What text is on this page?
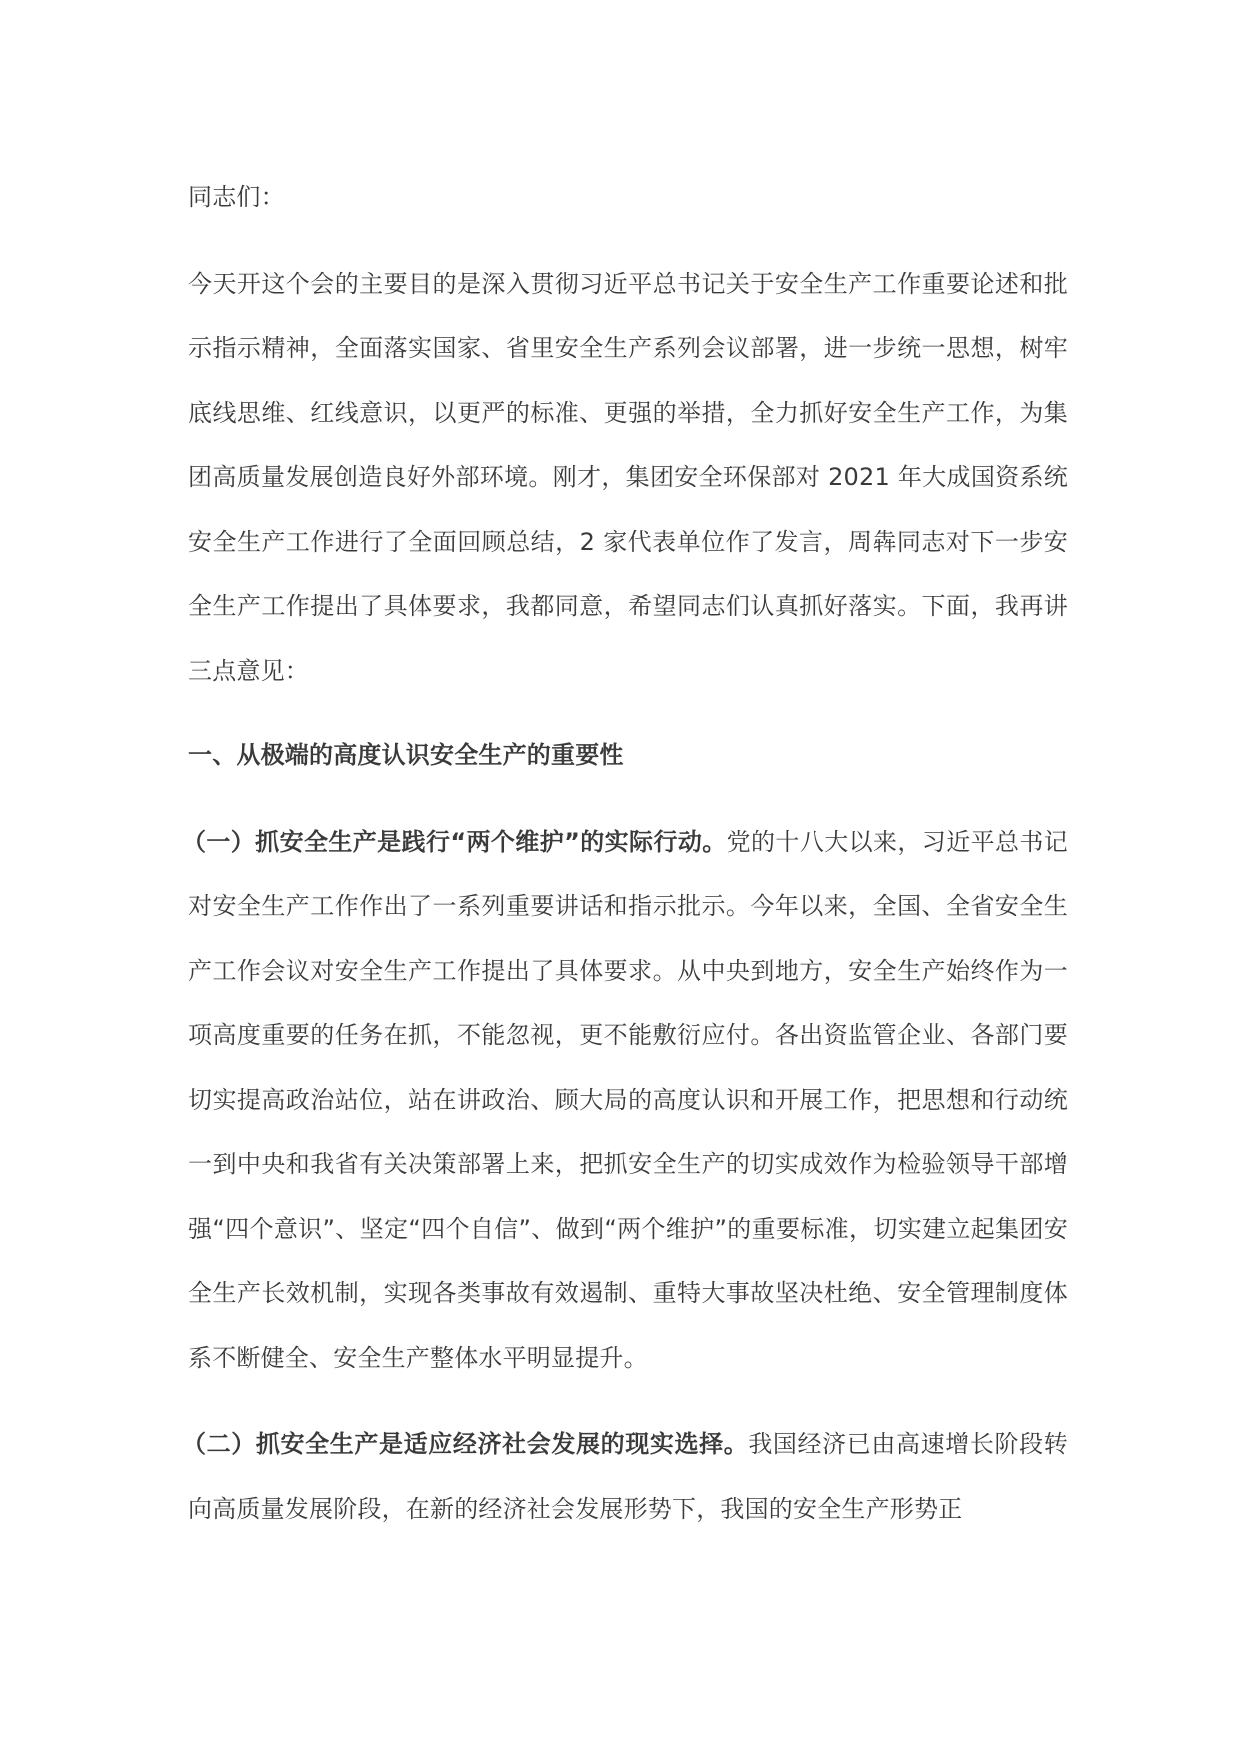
同志们：

今天开这个会的主要目的是深入贯彻习近平总书记关于安全生产工作重要论述和批示指示精神，全面落实国家、省里安全生产系列会议部署，进一步统一思想，树牢底线思维、红线意识，以更严的标准、更强的举措，全力抓好安全生产工作，为集团高质量发展创造良好外部环境。刚才，集团安全环保部对 2021 年大成国资系统安全生产工作进行了全面回顾总结，2 家代表单位作了发言，周犇同志对下一步安全生产工作提出了具体要求，我都同意，希望同志们认真抓好落实。下面，我再讲三点意见：

一、从极端的高度认识安全生产的重要性

（一）抓安全生产是践行“两个维护”的实际行动。党的十八大以来，习近平总书记对安全生产工作作出了一系列重要讲话和指示批示。今年以来，全国、全省安全生产工作会议对安全生产工作提出了具体要求。从中央到地方，安全生产始终作为一项高度重要的任务在抓，不能忽视，更不能敷衍应付。各出资监管企业、各部门要切实提高政治站位，站在讲政治、顾大局的高度认识和开展工作，把思想和行动统一到中央和我省有关决策部署上来，把抓安全生产的切实成效作为检验领导干部增强“四个意识”、坚定“四个自信”、做到“两个维护”的重要标准，切实建立起集团安全生产长效机制，实现各类事故有效遏制、重特大事故坚决杜绝、安全管理制度体系不断健全、安全生产整体水平明显提升。

（二）抓安全生产是适应经济社会发展的现实选择。我国经济已由高速增长阶段转向高质量发展阶段，在新的经济社会发展形势下，我国的安全生产形势正
